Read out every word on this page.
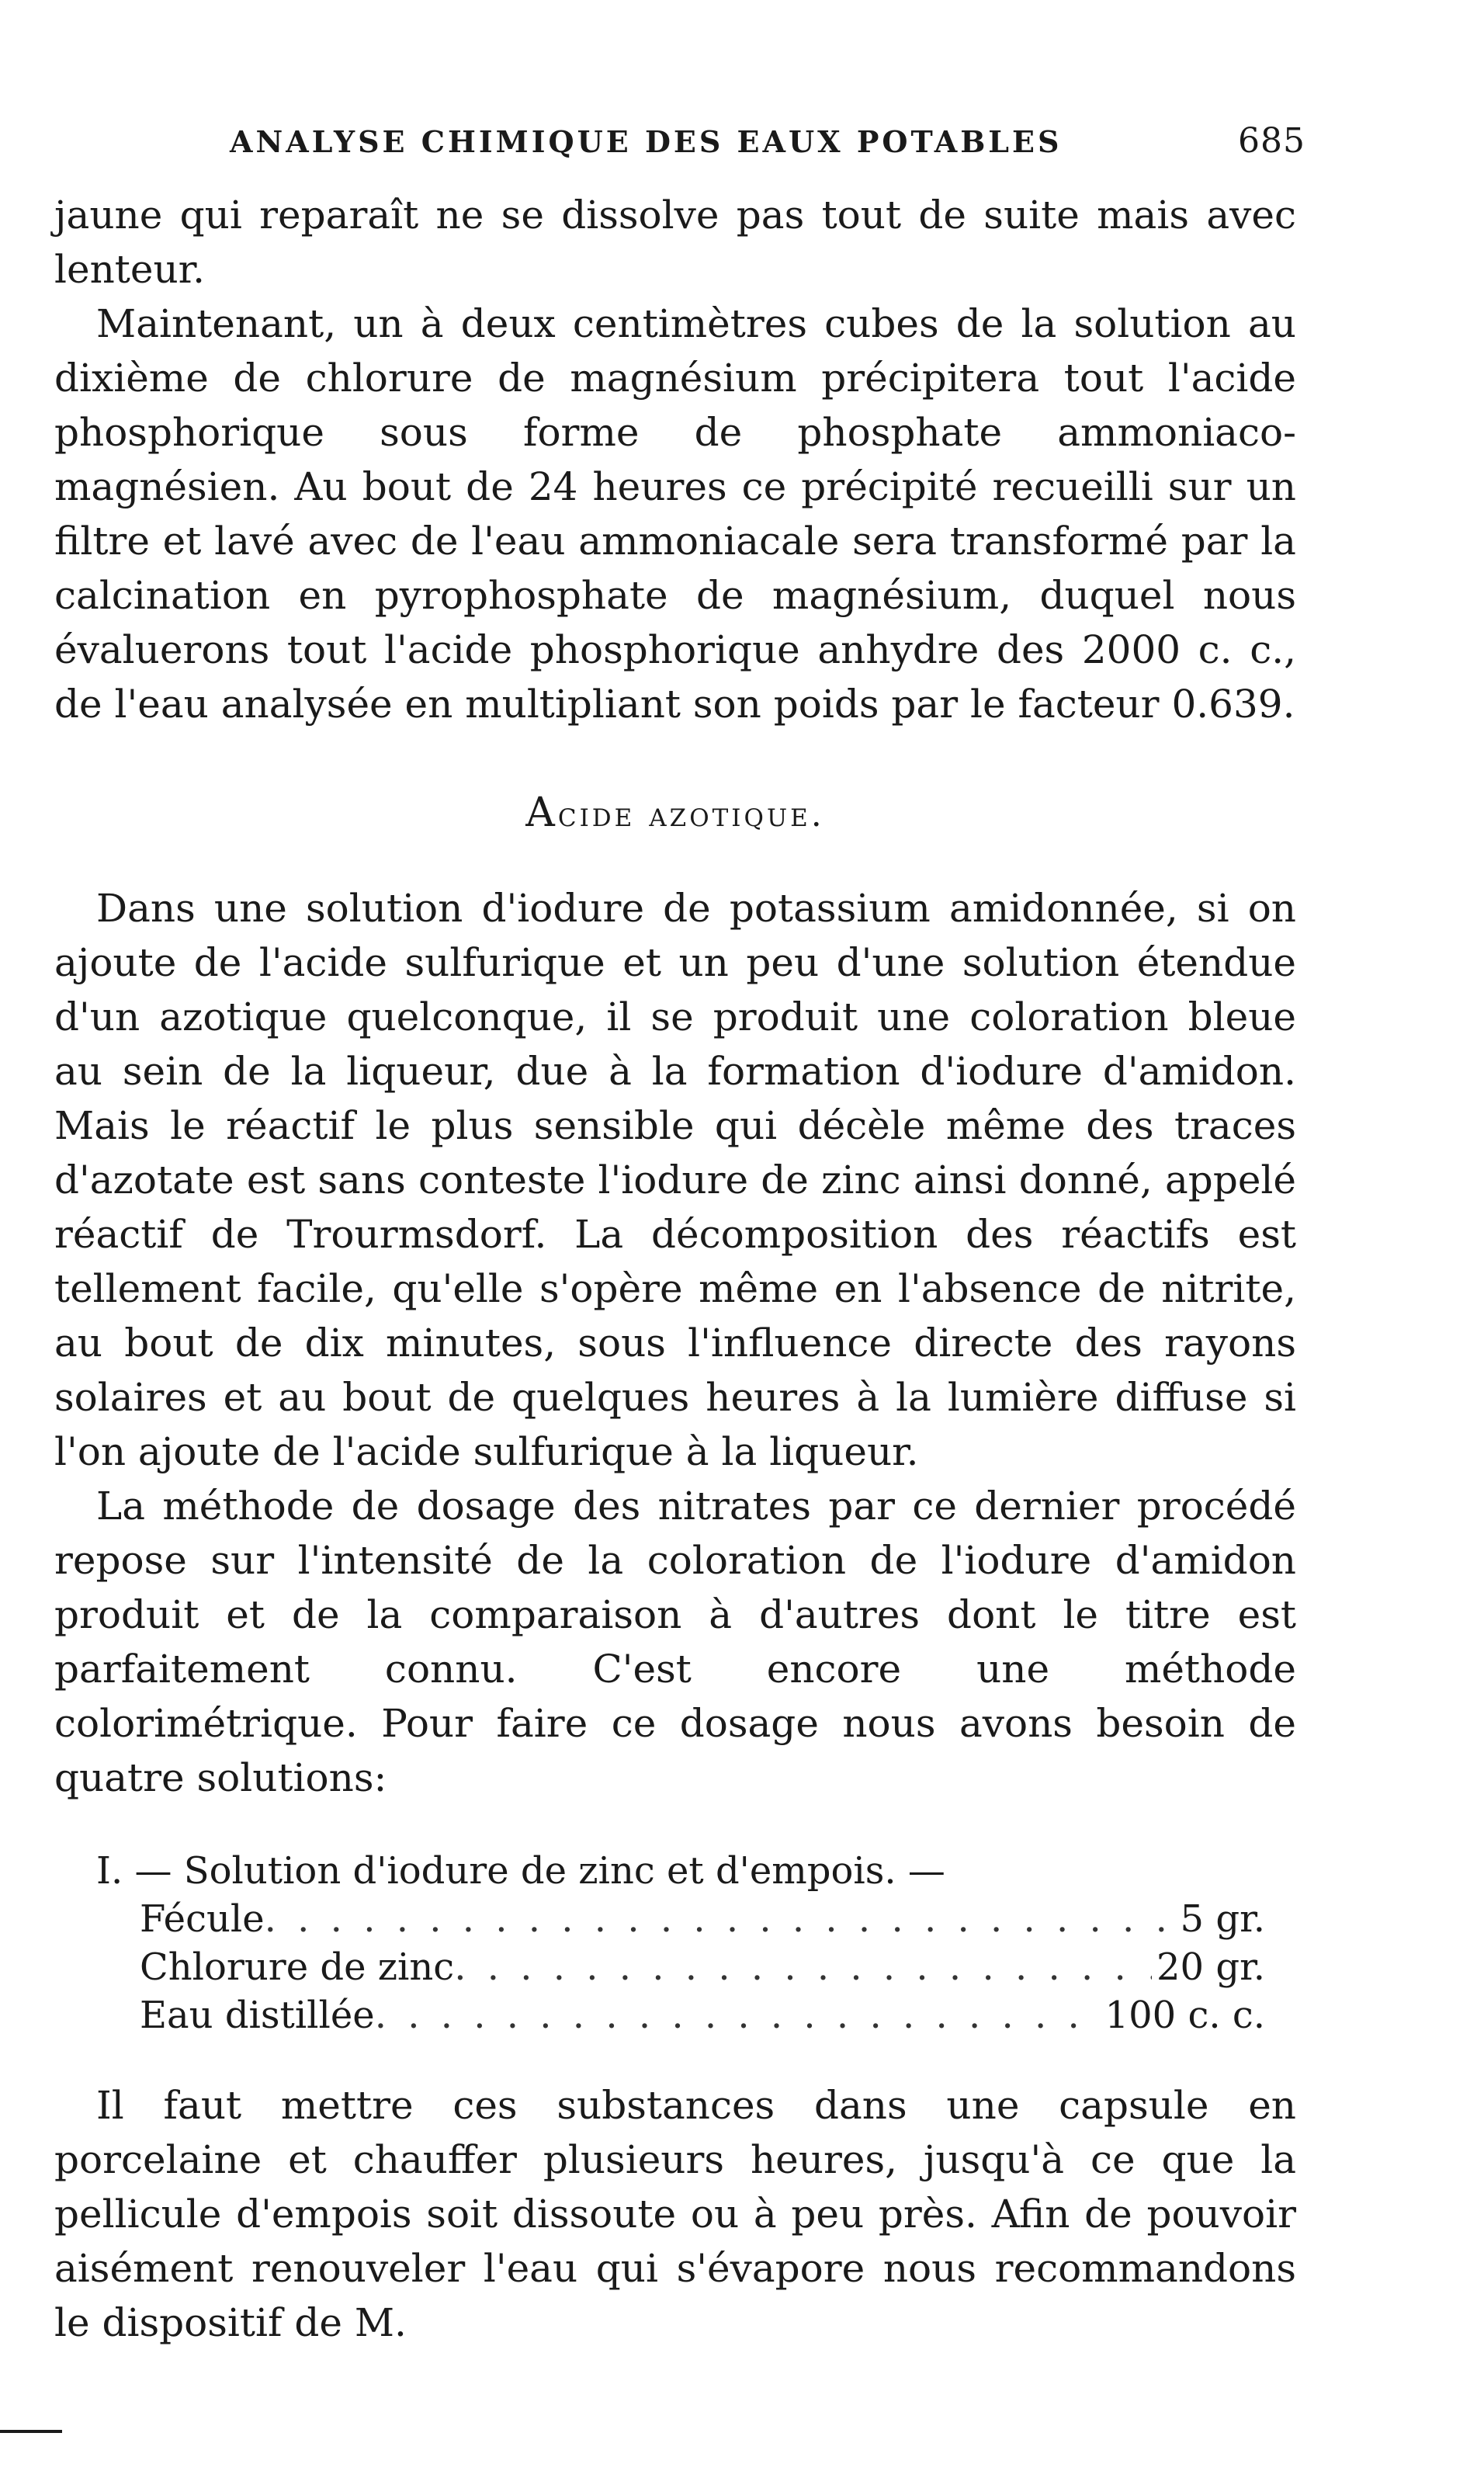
ANALYSE CHIMIQUE DES EAUX POTABLES	685

jaune qui reparaît ne se dissolve pas tout de suite mais avec lenteur.

Maintenant, un à deux centimètres cubes de la solution au dixième de chlorure de magnésium précipitera tout l'acide phosphorique sous forme de phosphate ammoniaco-magnésien. Au bout de 24 heures ce précipité recueilli sur un filtre et lavé avec de l'eau ammoniacale sera transformé par la calcination en pyrophosphate de magnésium, duquel nous évaluerons tout l'acide phosphorique anhydre des 2000 c. c., de l'eau analysée en multipliant son poids par le facteur 0.639.

Acide azotique.

Dans une solution d'iodure de potassium amidonnée, si on ajoute de l'acide sulfurique et un peu d'une solution étendue d'un azotique quelconque, il se produit une coloration bleue au sein de la liqueur, due à la formation d'iodure d'amidon. Mais le réactif le plus sensible qui décèle même des traces d'azotate est sans conteste l'iodure de zinc ainsi donné, appelé réactif de Trourmsdorf. La décomposition des réactifs est tellement facile, qu'elle s'opère même en l'absence de nitrite, au bout de dix minutes, sous l'influence directe des rayons solaires et au bout de quelques heures à la lumière diffuse si l'on ajoute de l'acide sulfurique à la liqueur.

La méthode de dosage des nitrates par ce dernier procédé repose sur l'intensité de la coloration de l'iodure d'amidon produit et de la comparaison à d'autres dont le titre est parfaitement connu. C'est encore une méthode colorimétrique. Pour faire ce dosage nous avons besoin de quatre solutions:

I. — Solution d'iodure de zinc et d'empois. —
Fécule . . .	5 gr.
Chlorure de zinc . . .	20 gr.
Eau distillée . . .	100 c. c.

Il faut mettre ces substances dans une capsule en porcelaine et chauffer plusieurs heures, jusqu'à ce que la pellicule d'empois soit dissoute ou à peu près. Afin de pouvoir aisément renouveler l'eau qui s'évapore nous recommandons le dispositif de M.
